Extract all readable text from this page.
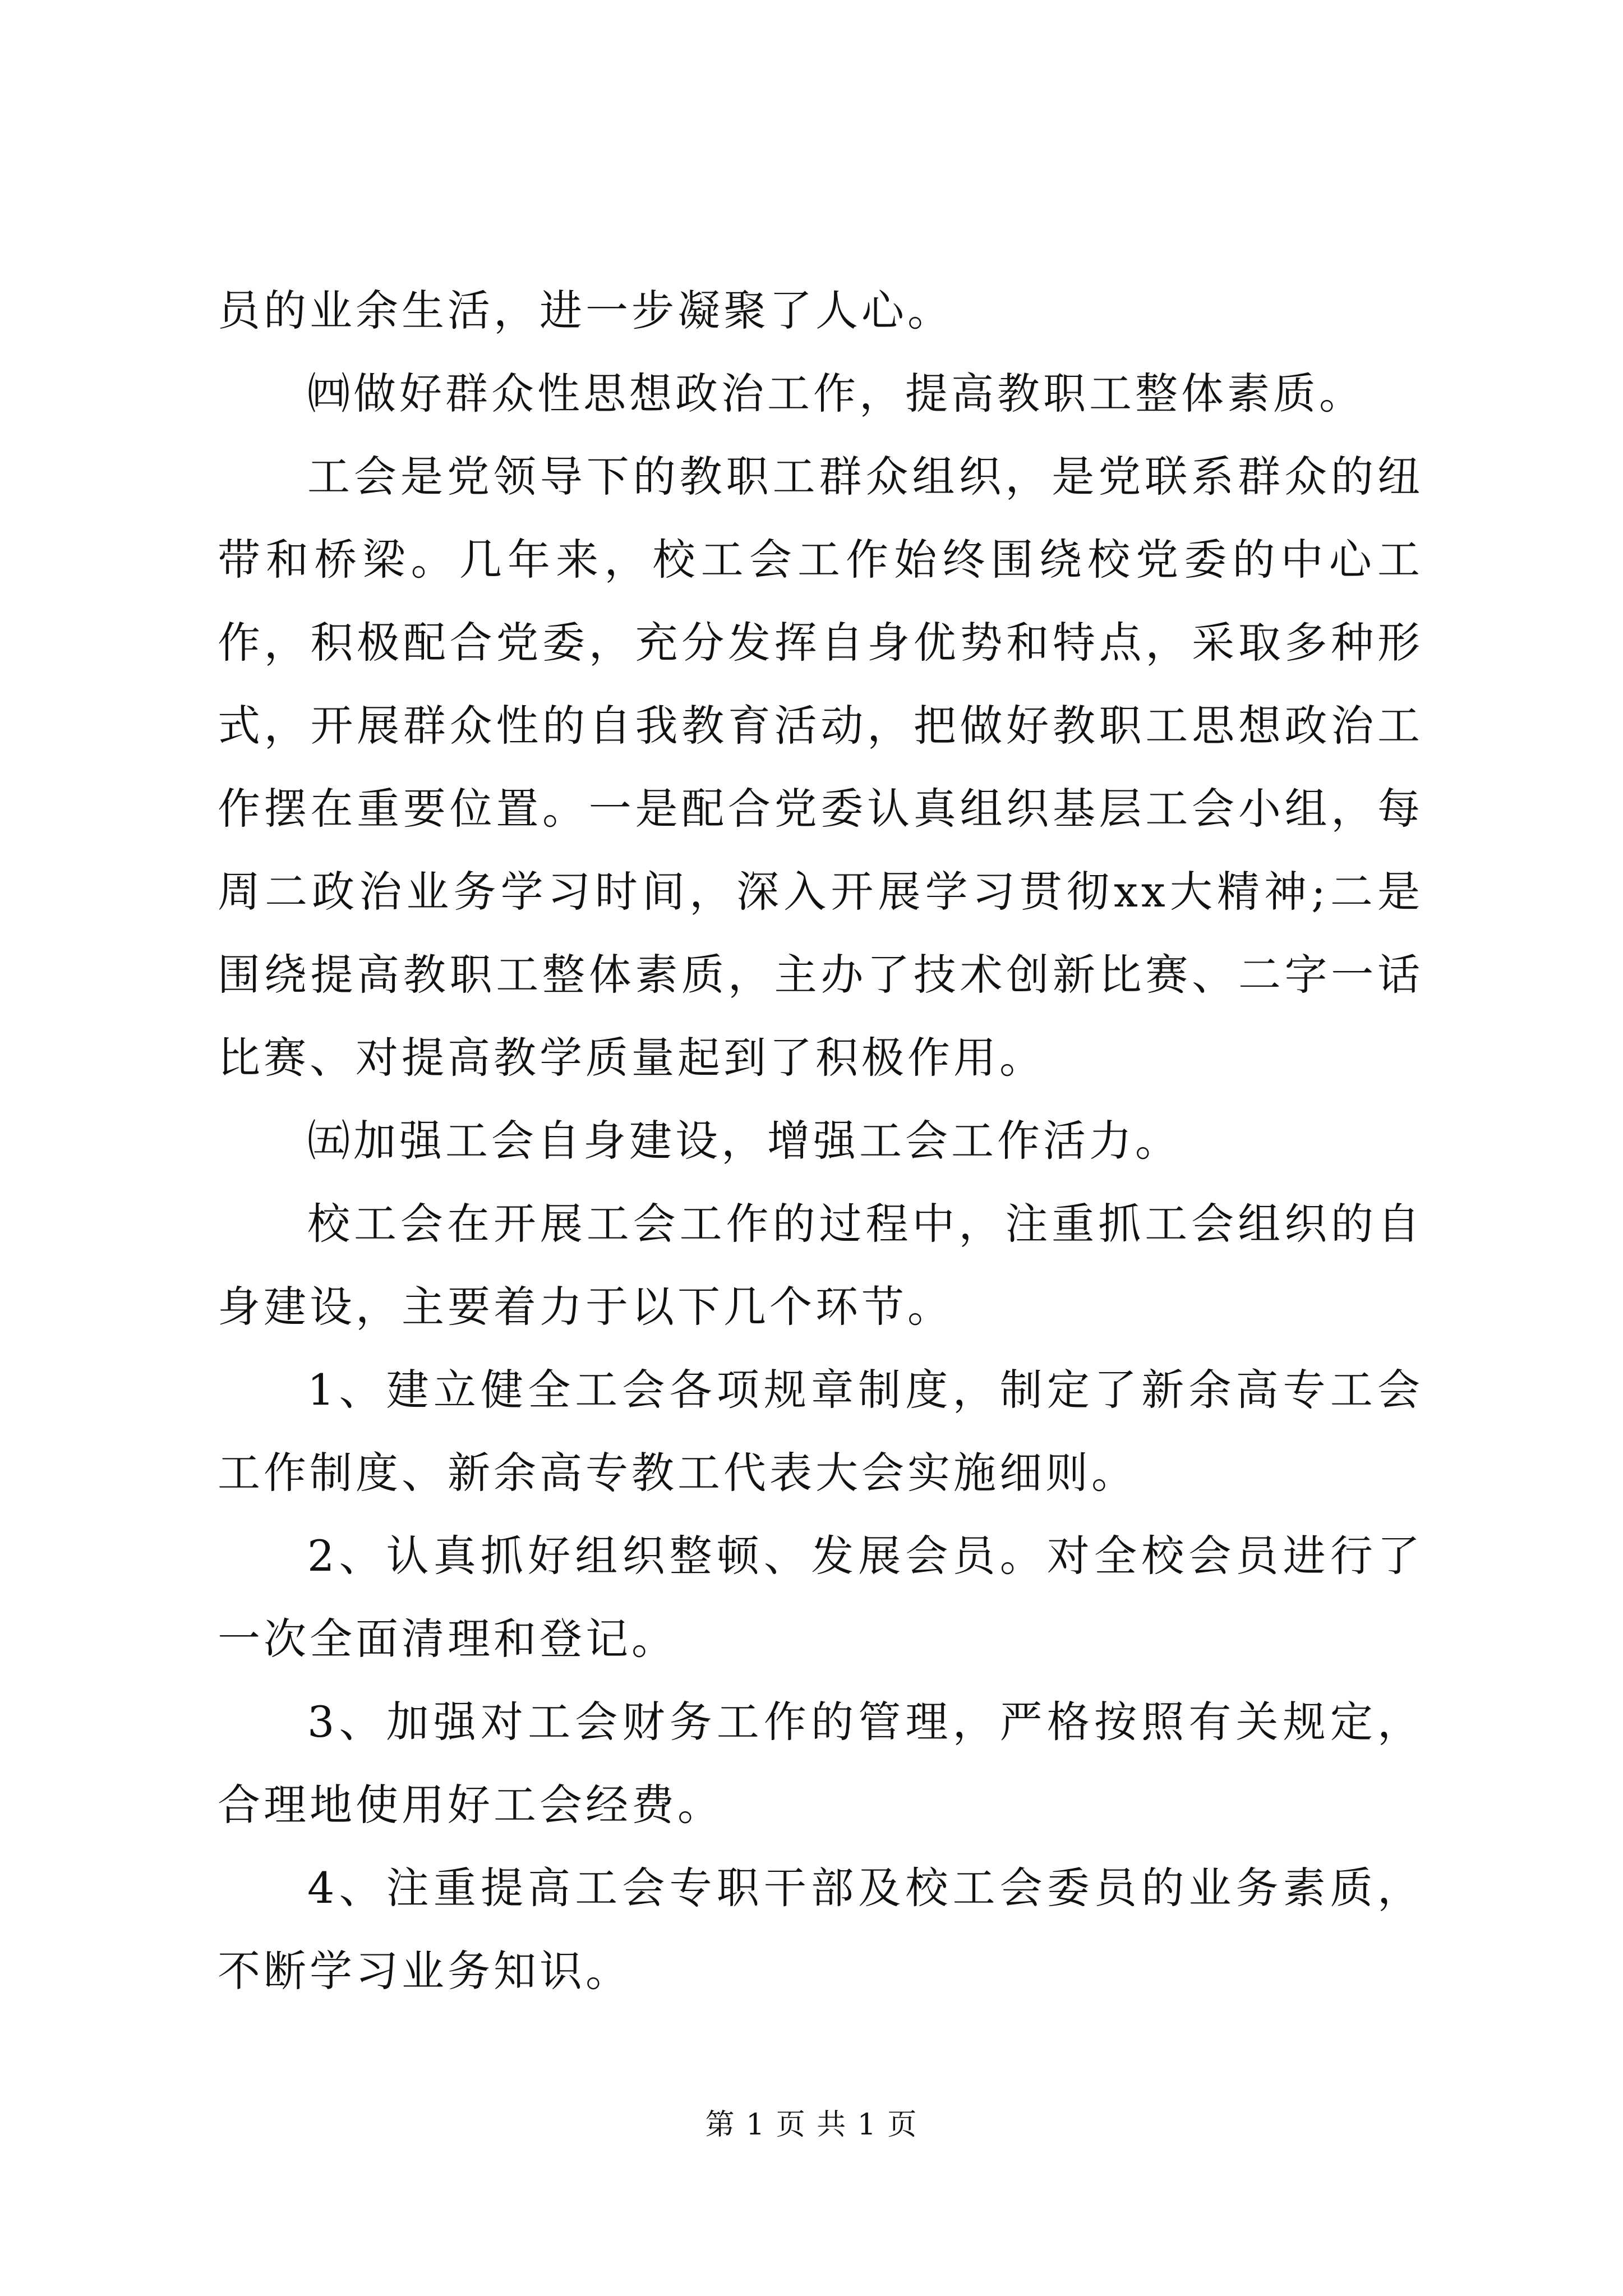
员的业余生活，进一步凝聚了人心。

㈣做好群众性思想政治工作，提高教职工整体素质。

工会是党领导下的教职工群众组织，是党联系群众的纽带和桥梁。几年来，校工会工作始终围绕校党委的中心工作，积极配合党委，充分发挥自身优势和特点，采取多种形式，开展群众性的自我教育活动，把做好教职工思想政治工作摆在重要位置。一是配合党委认真组织基层工会小组，每周二政治业务学习时间，深入开展学习贯彻xx大精神;二是围绕提高教职工整体素质，主办了技术创新比赛、二字一话比赛、对提高教学质量起到了积极作用。

㈤加强工会自身建设，增强工会工作活力。

校工会在开展工会工作的过程中，注重抓工会组织的自身建设，主要着力于以下几个环节。

1、建立健全工会各项规章制度，制定了新余高专工会工作制度、新余高专教工代表大会实施细则。

2、认真抓好组织整顿、发展会员。对全校会员进行了一次全面清理和登记。

3、加强对工会财务工作的管理，严格按照有关规定，合理地使用好工会经费。

4、注重提高工会专职干部及校工会委员的业务素质，不断学习业务知识。

第 1 页 共 1 页
